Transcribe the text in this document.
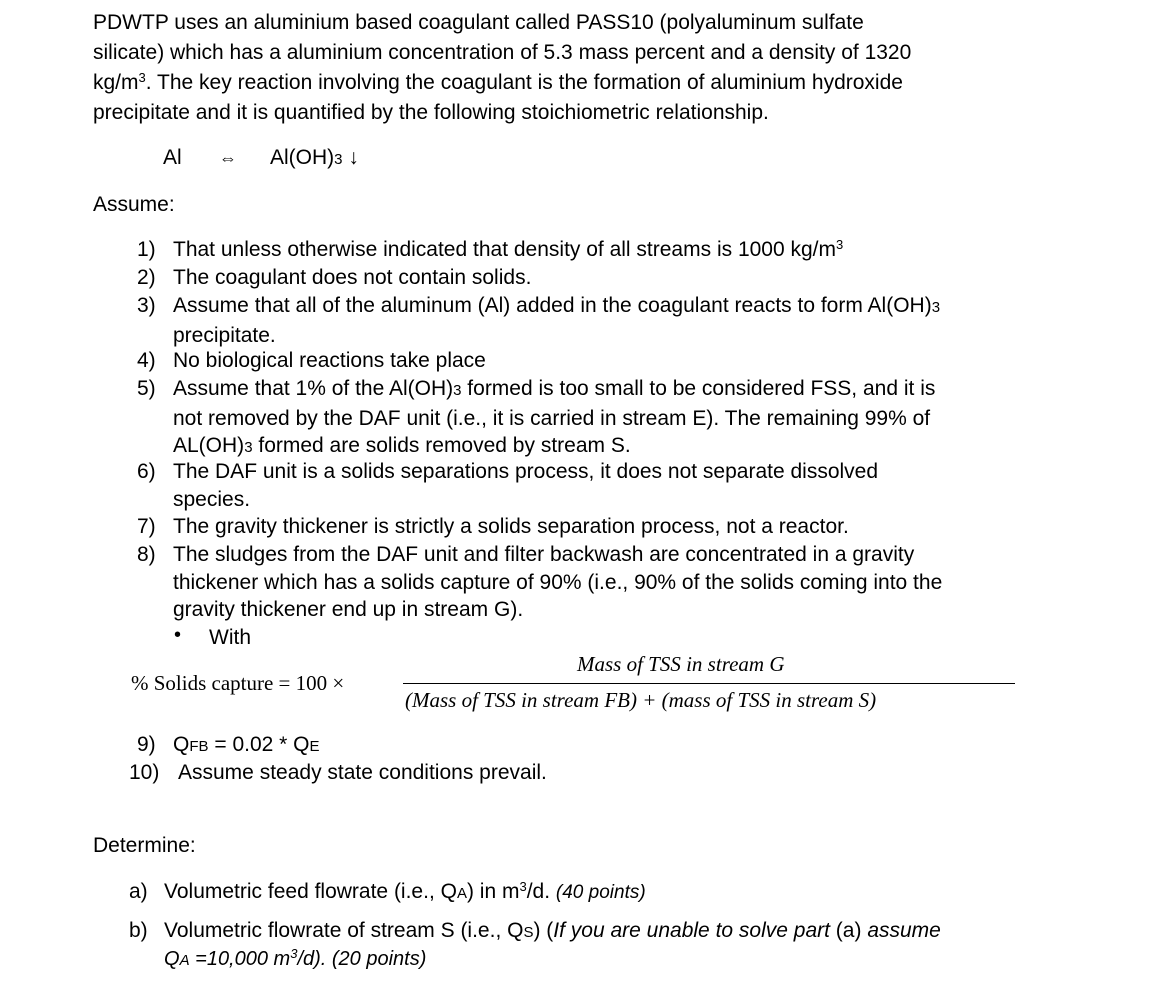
PDWTP uses an aluminium based coagulant called PASS10 (polyaluminum sulfate
silicate) which has a aluminium concentration of 5.3 mass percent and a density of 1320
$kg/m^3$. The key reaction involving the coagulant is the formation of aluminium hydroxide
precipitate and it is quantified by the following stoichiometric relationship.
Al ⇔ Al(OH)3 ↓
Assume:
1) That unless otherwise indicated that density of all streams is 1000 $kg/m^3$
2) The coagulant does not contain solids.
3) Assume that all of the aluminum (Al) added in the coagulant reacts to form Al(OH)3
precipitate.
4) No biological reactions take place
5) Assume that 1% of the Al(OH)3 formed is too small to be considered FSS, and it is
not removed by the DAF unit (i.e., it is carried in stream E). The remaining 99% of
AL(OH)3 formed are solids removed by stream S.
6) The DAF unit is a solids separations process, it does not separate dissolved
species.
7) The gravity thickener is strictly a solids separation process, not a reactor.
8) The sludges from the DAF unit and filter backwash are concentrated in a gravity
thickener which has a solids capture of 90% (i.e., 90% of the solids coming into the
gravity thickener end up in stream G).
• With
% Solids capture = 100 ×
Mass of TSS in stream G
(Mass of TSS in stream FB) + (mass of TSS in stream S)
9) QFB = 0.02 * QE
10) Assume steady state conditions prevail.
Determine:
a) Volumetric feed flowrate (i.e., QA) in $m^3/d$. (40 points)
b) Volumetric flowrate of stream S (i.e., QS) (If you are unable to solve part (a) assume
QA =10,000 $m^3/d$). (20 points)
